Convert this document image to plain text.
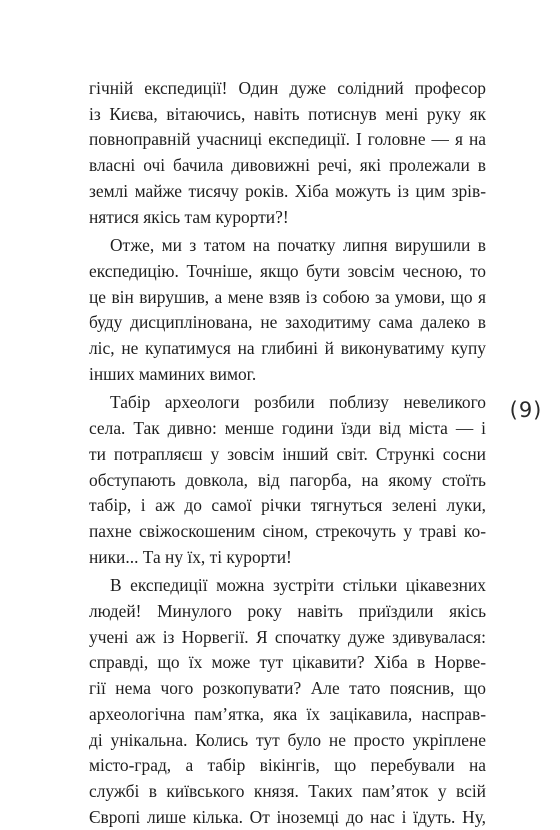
гічній експедиції! Один дуже солідний професор
із Києва, вітаючись, навіть потиснув мені руку як
повноправній учасниці експедиції. І головне — я на
власні очі бачила дивовижні речі, які пролежали в
землі майже тисячу років. Хіба можуть із цим зрів-
нятися якісь там курорти?!

Отже, ми з татом на початку липня вирушили в
експедицію. Точніше, якщо бути зовсім чесною, то
це він вирушив, а мене взяв із собою за умови, що я
буду дисциплінована, не заходитиму сама далеко в
ліс, не купатимуся на глибині й виконуватиму купу
інших маминих вимог.

Табір археологи розбили поблизу невеликого
села. Так дивно: менше години їзди від міста — і
ти потрапляєш у зовсім інший світ. Стрункі сосни
обступають довкола, від пагорба, на якому стоїть
табір, і аж до самої річки тягнуться зелені луки,
пахне свіжоскошеним сіном, стрекочуть у траві ко-
ники... Та ну їх, ті курорти!

В експедиції можна зустріти стільки цікавезних
людей! Минулого року навіть приїздили якісь
учені аж із Норвегії. Я спочатку дуже здивувалася:
справді, що їх може тут цікавити? Хіба в Норве-
гії нема чого розкопувати? Але тато пояснив, що
археологічна пам’ятка, яка їх зацікавила, насправ-
ді унікальна. Колись тут було не просто укріплене
місто-град, а табір вікінгів, що перебували на
службі в київського князя. Таких пам’яток у всій
Європі лише кілька. От іноземці до нас і їдуть. Ну,

(9)
